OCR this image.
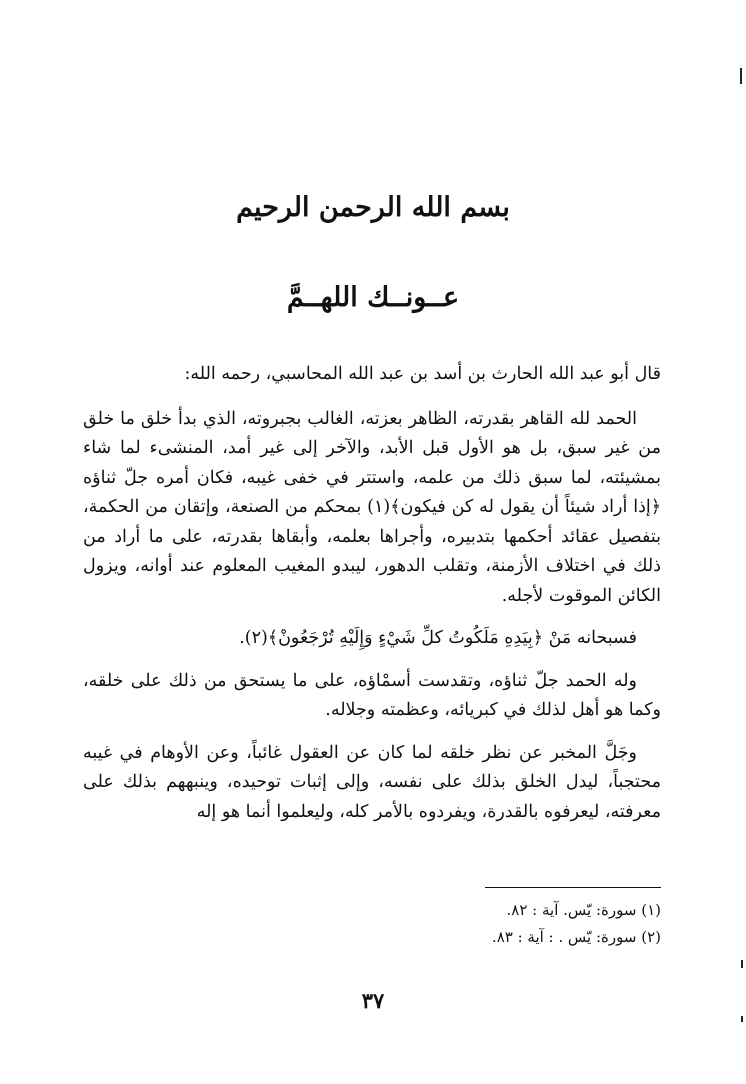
بسم الله الرحمن الرحيم
عــونــك اللهــمَّ

قال أبو عبد الله الحارث بن أسد بن عبد الله المحاسبي، رحمه الله:

الحمد لله القاهر بقدرته، الظاهر بعزته، الغالب بجبروته، الذي بدأ خلق ما خلق من غير سبق، بل هو الأول قبل الأبد، والآخر إلى غير أمد، المنشىء لما شاء بمشيئته، لما سبق ذلك من علمه، واستتر في خفى غيبه، فكان أمره جلّ ثناؤه ﴿إذا أراد شيئاً أن يقول له كن فيكون﴾(١) بمحكم من الصنعة، وإتقان من الحكمة، بتفصيل عقائد أحكمها بتدبيره، وأجراها بعلمه، وأبقاها بقدرته، على ما أراد من ذلك في اختلاف الأزمنة، وتقلب الدهور، ليبدو المغيب المعلوم عند أوانه، ويزول الكائن الموقوت لأجله.

فسبحانه مَنْ ﴿بِيَدِهِ مَلَكُوتُ كلِّ شَيْءٍ وَإِلَيْهِ تُرْجَعُونْ﴾(٢).

وله الحمد جلّ ثناؤه، وتقدست أسمْاؤه، على ما يستحق من ذلك على خلقه، وكما هو أهل لذلك في كبريائه، وعظمته وجلاله.

وجَلَّ المخبر عن نظر خلقه لما كان عن العقول غائباً، وعن الأوهام في غيبه محتجباً، ليدل الخلق بذلك على نفسه، وإلى إثبات توحيده، وينبههم بذلك على معرفته، ليعرفوه بالقدرة، ويفردوه بالأمر كله، وليعلموا أنما هو إله

(١) سورة: يّس. آية : ٨٢.
(٢) سورة: يّس . : آية : ٨٣.
٣٧
